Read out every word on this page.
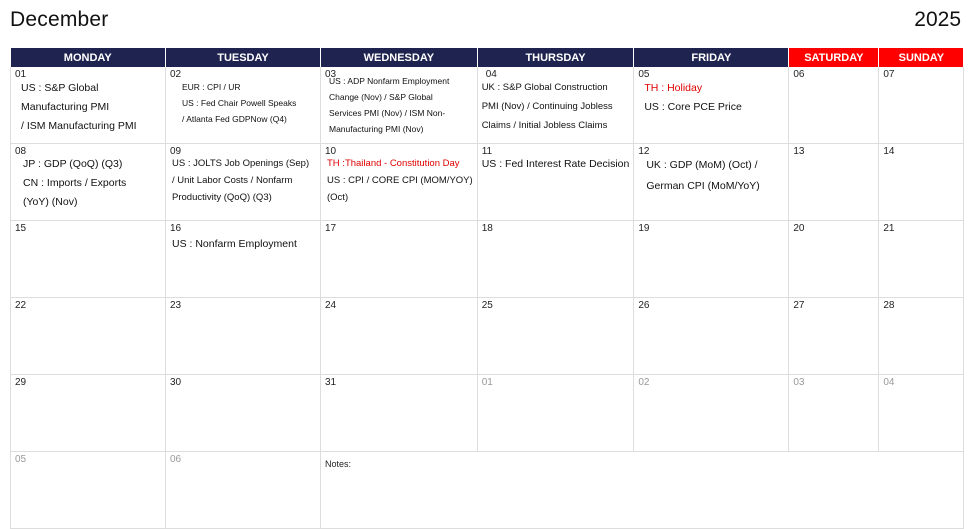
December	2025
MONDAY	TUESDAY	WEDNESDAY	THURSDAY	FRIDAY	SATURDAY	SUNDAY

01
US : S&P Global
Manufacturing PMI
/ ISM Manufacturing PMI	02
EUR : CPI / UR
US : Fed Chair Powell Speaks
/ Atlanta Fed GDPNow (Q4)	03
US : ADP Nonfarm Employment
Change (Nov) / S&P Global
Services PMI (Nov) / ISM Non-
Manufacturing PMI (Nov)	04
UK : S&P Global Construction
PMI (Nov) / Continuing Jobless
Claims / Initial Jobless Claims	05
TH : Holiday
US : Core PCE Price	06	07

08
JP : GDP (QoQ) (Q3)
CN : Imports / Exports
(YoY) (Nov)	09
US : JOLTS Job Openings (Sep)
/ Unit Labor Costs / Nonfarm
Productivity (QoQ) (Q3)	10
TH :Thailand - Constitution Day
US : CPI / CORE CPI (MOM/YOY)
(Oct)	11
US : Fed Interest Rate Decision	12
UK : GDP (MoM) (Oct) /
German CPI (MoM/YoY)	13	14

15	16
US : Nonfarm Employment	17	18	19	20	21

22	23	24	25	26	27	28

29	30	31	01	02	03	04

05	06	Notes:				
